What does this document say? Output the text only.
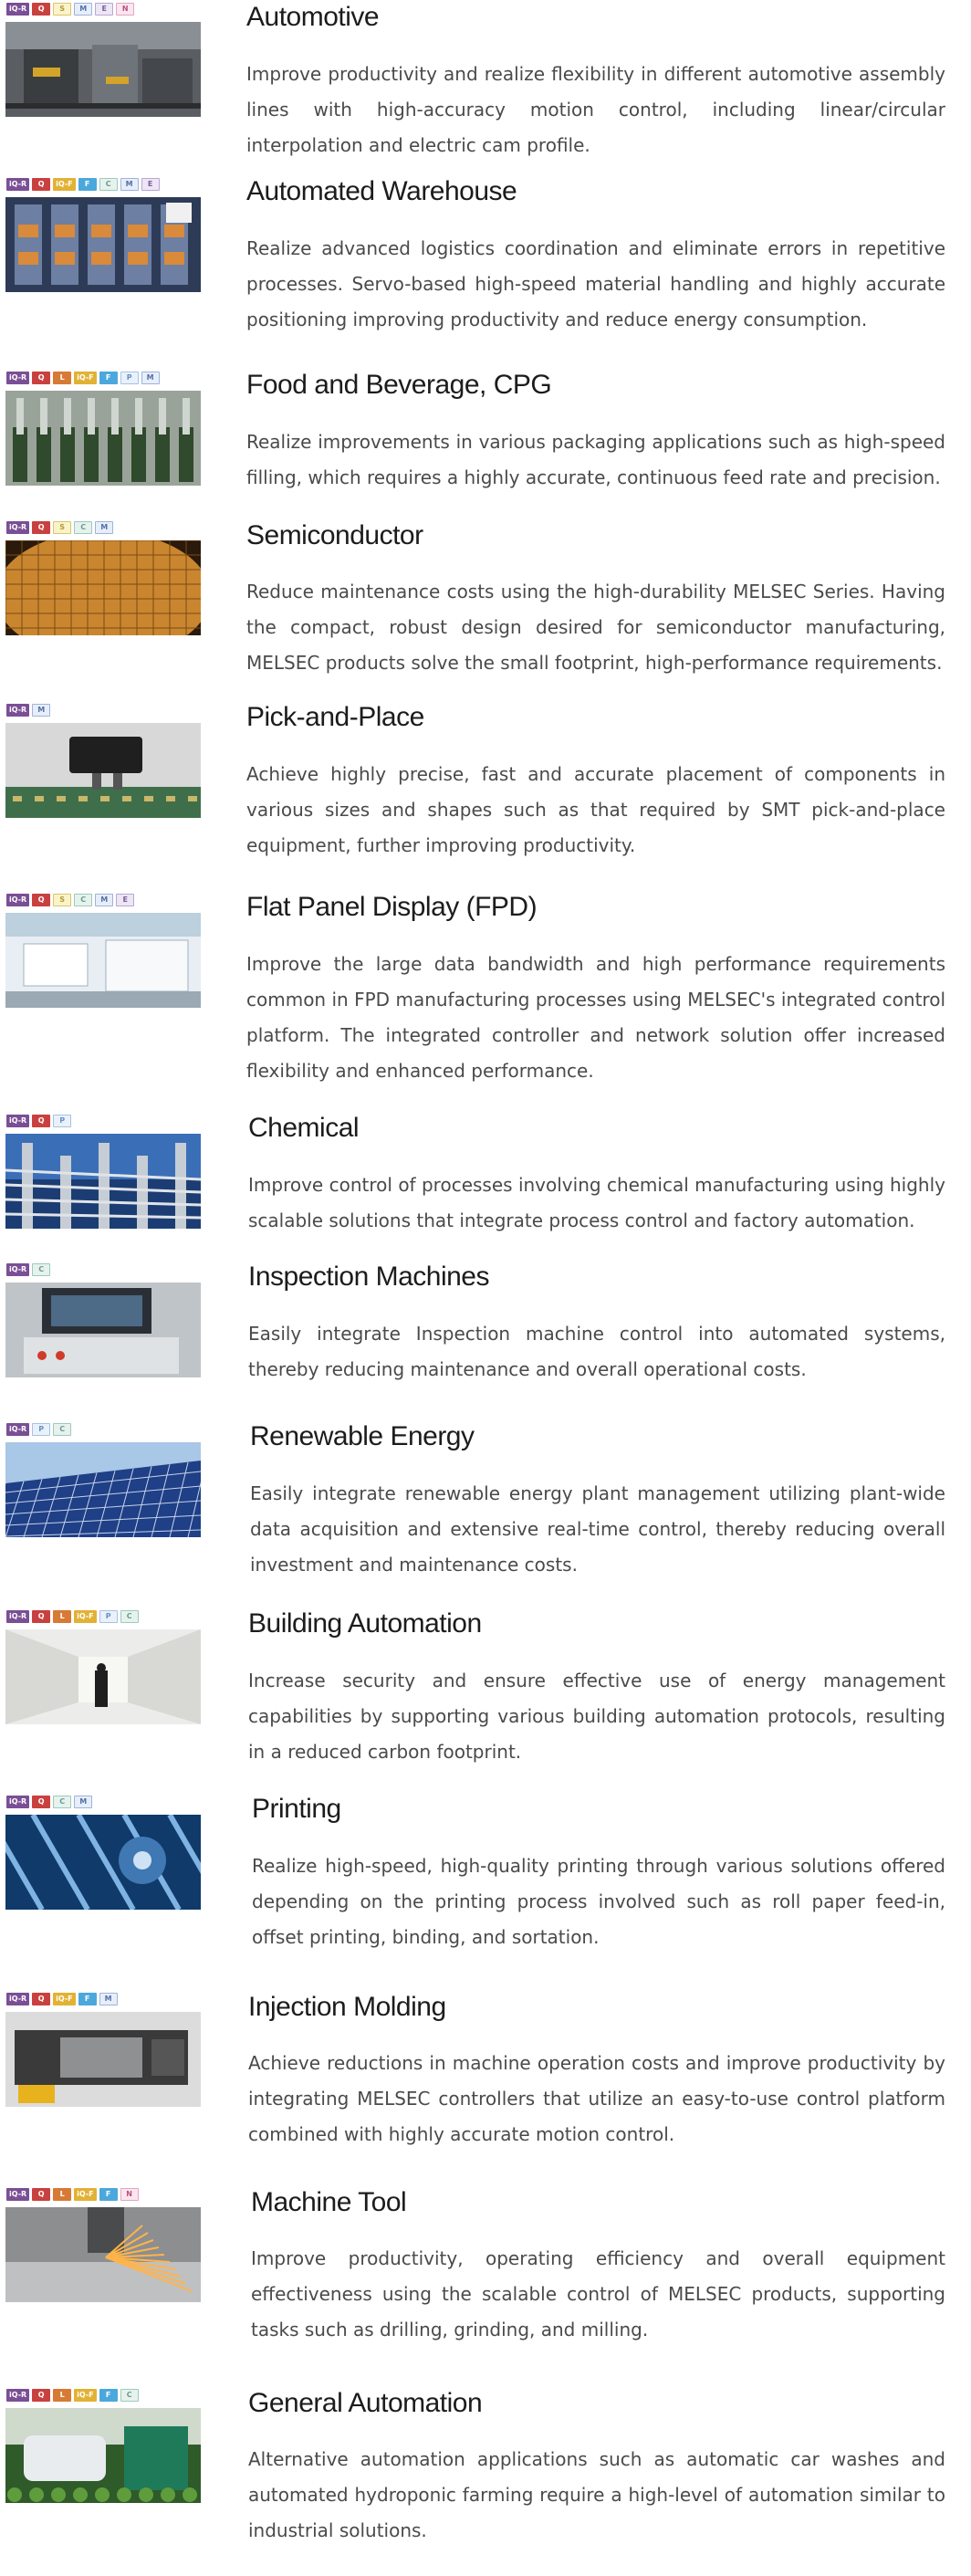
iQ-R	Q	S	M	E	N	Automotive

Improve productivity and realize flexibility in different automotive assembly lines with high-accuracy motion control, including linear/circular interpolation and electric cam profile.

iQ-R	Q	iQ-F	F	C	M	E	Automated Warehouse

Realize advanced logistics coordination and eliminate errors in repetitive processes. Servo-based high-speed material handling and highly accurate positioning improving productivity and reduce energy consumption.

iQ-R	Q	L	iQ-F	F	P	M	Food and Beverage, CPG

Realize improvements in various packaging applications such as high-speed filling, which requires a highly accurate, continuous feed rate and precision.

iQ-R	Q	S	C	M	Semiconductor

Reduce maintenance costs using the high-durability MELSEC Series. Having the compact, robust design desired for semiconductor manufacturing, MELSEC products solve the small footprint, high-performance requirements.

iQ-R	M	Pick-and-Place

Achieve highly precise, fast and accurate placement of components in various sizes and shapes such as that required by SMT pick-and-place equipment, further improving productivity.

iQ-R	Q	S	C	M	E	Flat Panel Display (FPD)

Improve the large data bandwidth and high performance requirements common in FPD manufacturing processes using MELSEC's integrated control platform. The integrated controller and network solution offer increased flexibility and enhanced performance.

iQ-R	Q	P	Chemical

Improve control of processes involving chemical manufacturing using highly scalable solutions that integrate process control and factory automation.

iQ-R	C	Inspection Machines

Easily integrate Inspection machine control into automated systems, thereby reducing maintenance and overall operational costs.

iQ-R	P	C	Renewable Energy

Easily integrate renewable energy plant management utilizing plant-wide data acquisition and extensive real-time control, thereby reducing overall investment and maintenance costs.

iQ-R	Q	L	iQ-F	P	C	Building Automation

Increase security and ensure effective use of energy management capabilities by supporting various building automation protocols, resulting in a reduced carbon footprint.

iQ-R	Q	C	M	Printing

Realize high-speed, high-quality printing through various solutions offered depending on the printing process involved such as roll paper feed-in, offset printing, binding, and sortation.

iQ-R	Q	iQ-F	F	M	Injection Molding

Achieve reductions in machine operation costs and improve productivity by integrating MELSEC controllers that utilize an easy-to-use control platform combined with highly accurate motion control.

iQ-R	Q	L	iQ-F	F	N	Machine Tool

Improve productivity, operating efficiency and overall equipment effectiveness using the scalable control of MELSEC products, supporting tasks such as drilling, grinding, and milling.

iQ-R	Q	L	iQ-F	F	C	General Automation

Alternative automation applications such as automatic car washes and automated hydroponic farming require a high-level of automation similar to industrial solutions.
